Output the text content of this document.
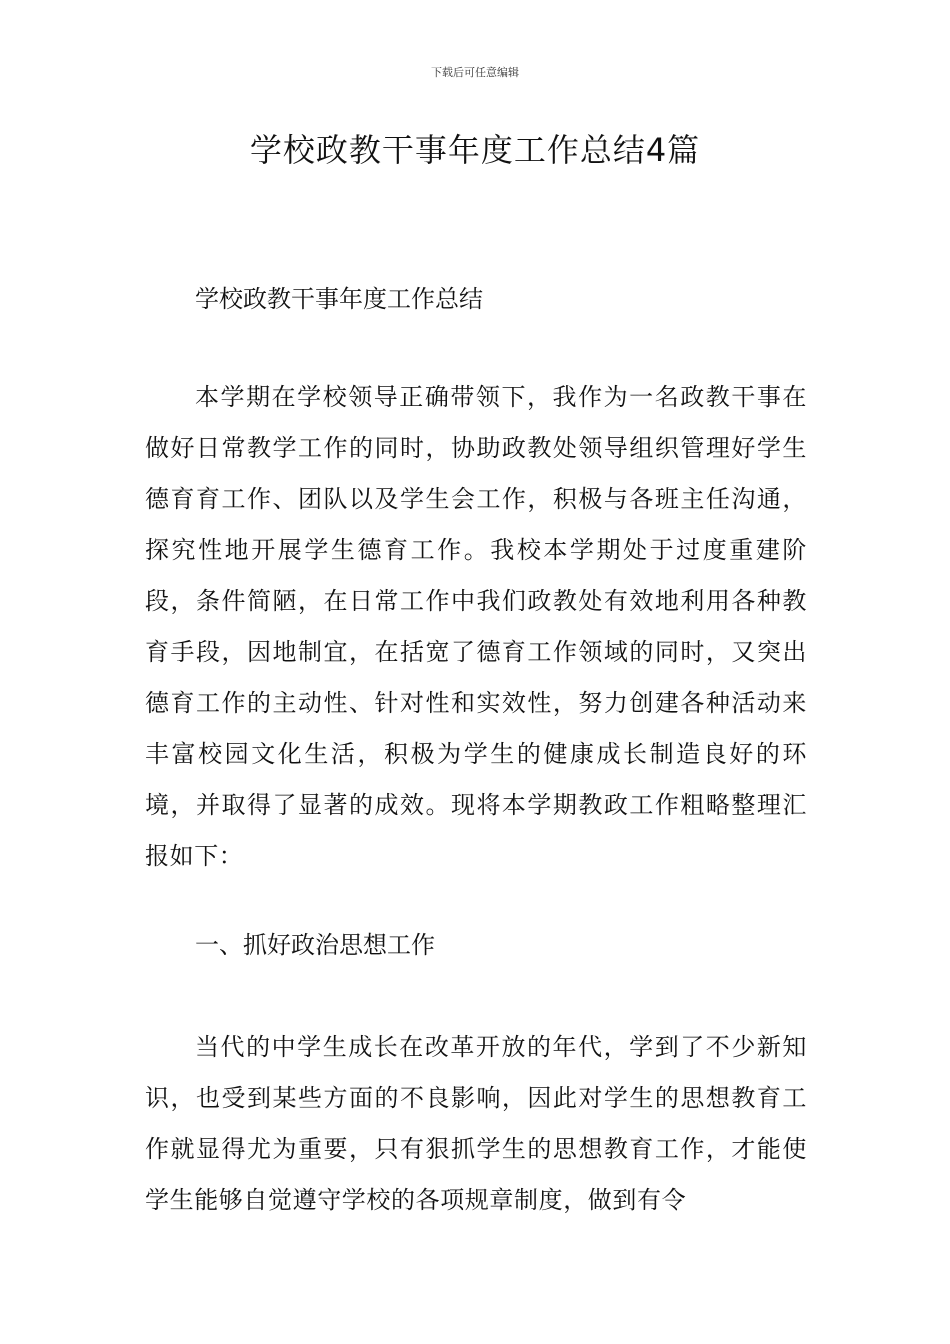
下载后可任意编辑
学校政教干事年度工作总结4篇
学校政教干事年度工作总结

本学期在学校领导正确带领下，我作为一名政教干事在做好日常教学工作的同时，协助政教处领导组织管理好学生德育育工作、团队以及学生会工作，积极与各班主任沟通，探究性地开展学生德育工作。我校本学期处于过度重建阶段，条件简陋，在日常工作中我们政教处有效地利用各种教育手段，因地制宜，在括宽了德育工作领域的同时，又突出德育工作的主动性、针对性和实效性，努力创建各种活动来丰富校园文化生活，积极为学生的健康成长制造良好的环境，并取得了显著的成效。现将本学期教政工作粗略整理汇报如下：

一、抓好政治思想工作

当代的中学生成长在改革开放的年代，学到了不少新知识，也受到某些方面的不良影响，因此对学生的思想教育工作就显得尤为重要，只有狠抓学生的思想教育工作，才能使学生能够自觉遵守学校的各项规章制度，做到有令
